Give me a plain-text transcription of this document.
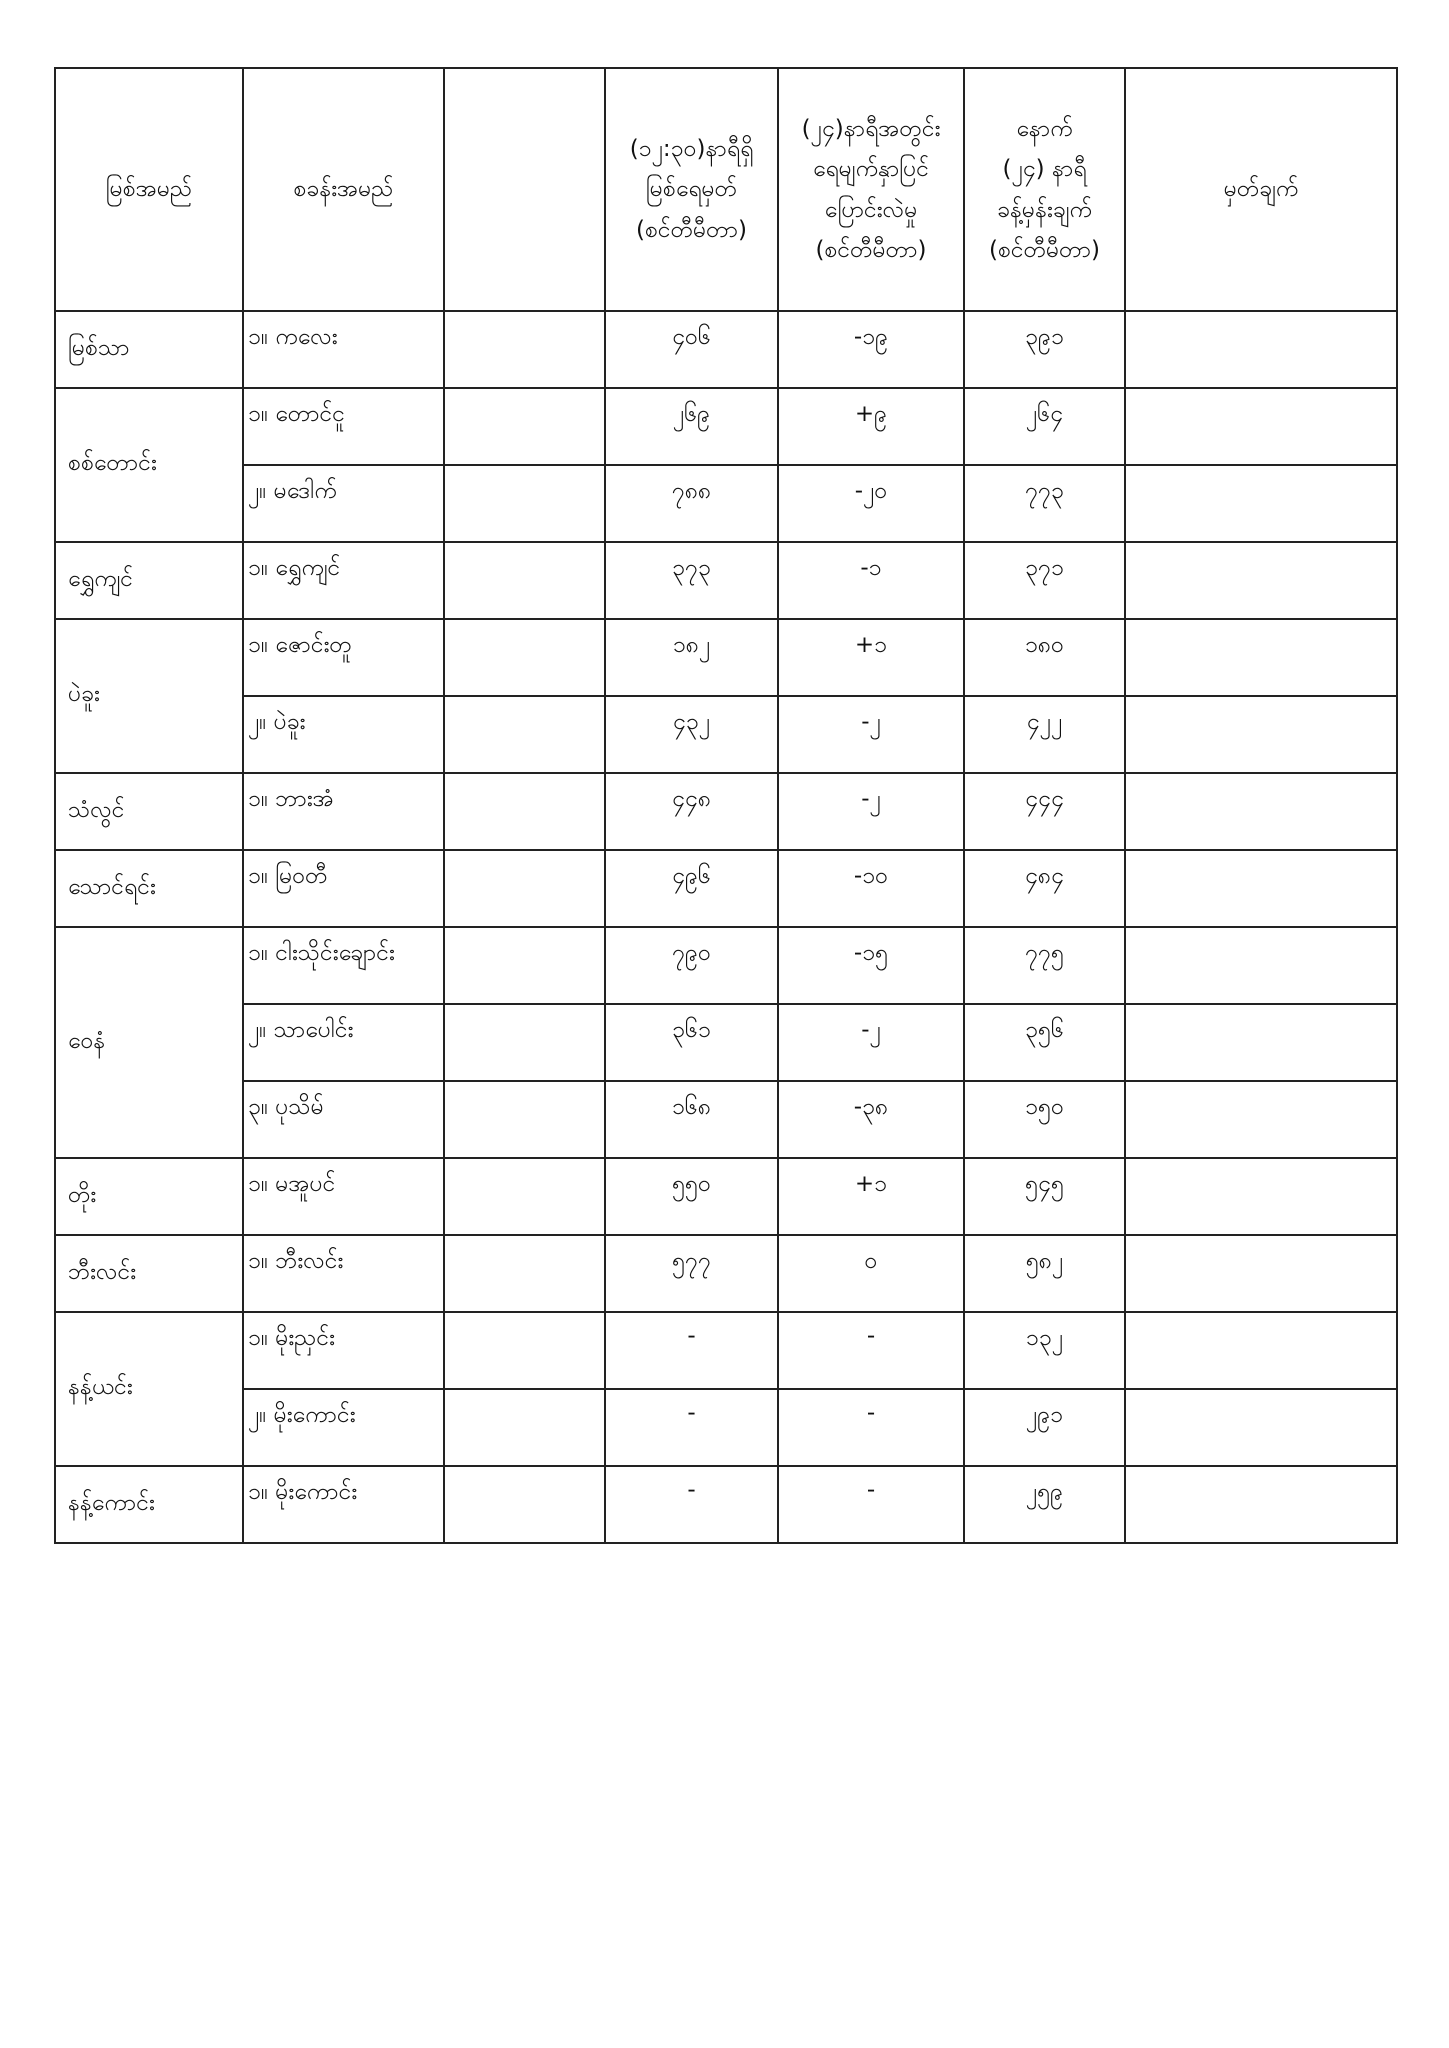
မြစ်အမည်	စခန်းအမည်		(၁၂:၃၀)နာရီရှိ
မြစ်ရေမှတ်
(စင်တီမီတာ)	(၂၄)နာရီအတွင်း
ရေမျက်နှာပြင်
ပြောင်းလဲမှု
(စင်တီမီတာ)	နောက်
(၂၄) နာရီ
ခန့်မှန်းချက်
(စင်တီမီတာ)	မှတ်ချက်
မြစ်သာ	၁။ ကလေး		၄၀၆	-၁၉	၃၉၁	
စစ်တောင်း	၁။ တောင်ငူ		၂၆၉	+၉	၂၆၄	
	၂။ မဒေါက်		၇၈၈	-၂၀	၇၇၃	
ရွှေကျင်	၁။ ရွှေကျင်		၃၇၃	-၁	၃၇၁	
ပဲခူး	၁။ ဇောင်းတူ		၁၈၂	+၁	၁၈၀	
	၂။ ပဲခူး		၄၃၂	-၂	၄၂၂	
သံလွင်	၁။ ဘားအံ		၄၄၈	-၂	၄၄၄	
သောင်ရင်း	၁။ မြဝတီ		၄၉၆	-၁၀	၄၈၄	
ဝေနံ	၁။ ငါးသိုင်းချောင်း		၇၉၀	-၁၅	၇၇၅	
	၂။ သာပေါင်း		၃၆၁	-၂	၃၅၆	
	၃။ ပုသိမ်		၁၆၈	-၃၈	၁၅၀	
တိုး	၁။ မအူပင်		၅၅၀	+၁	၅၄၅	
ဘီးလင်း	၁။ ဘီးလင်း		၅၇၇	၀	၅၈၂	
နန့်ယင်း	၁။ မိုးညှင်း		-	-	၁၃၂	
	၂။ မိုးကောင်း		-	-	၂၉၁	
နန့်ကောင်း	၁။ မိုးကောင်း		-	-	၂၅၉	
